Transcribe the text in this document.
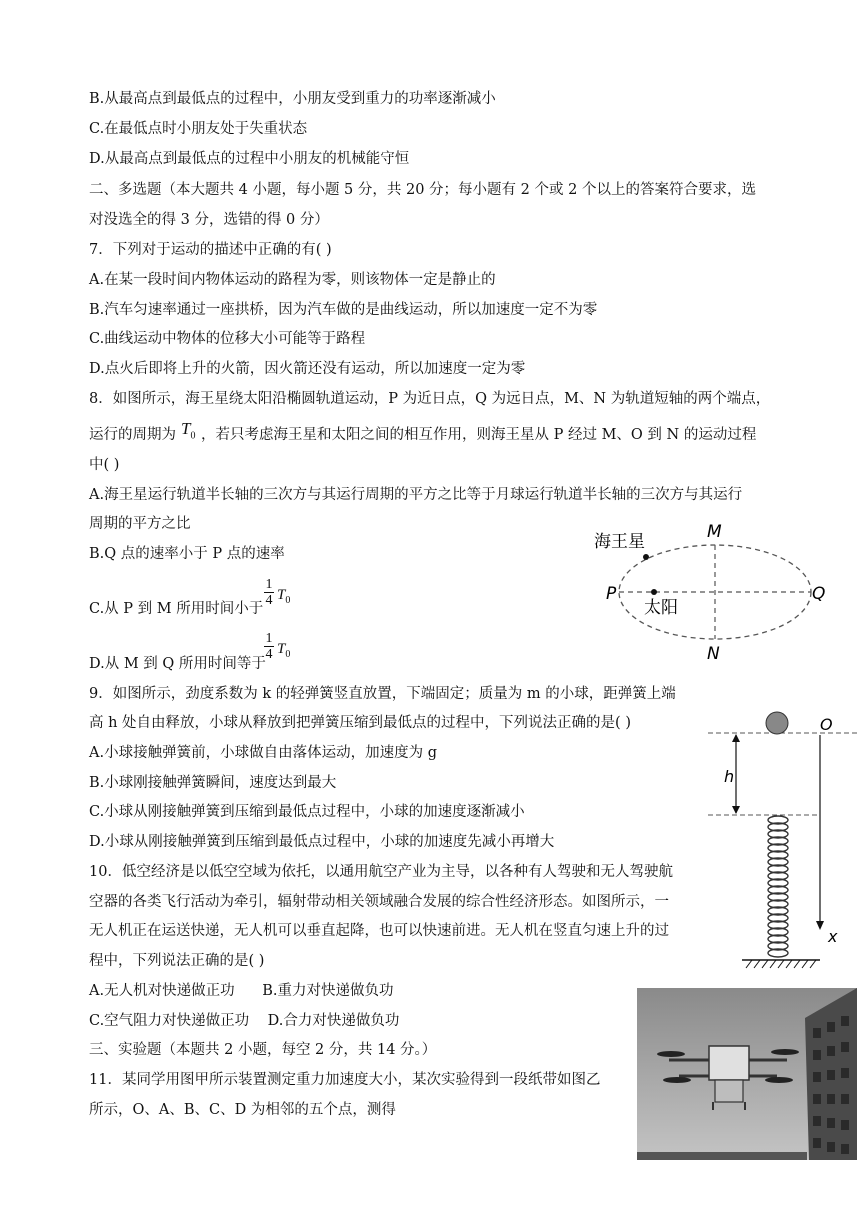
B.从最高点到最低点的过程中，小朋友受到重力的功率逐渐减小
C.在最低点时小朋友处于失重状态
D.从最高点到最低点的过程中小朋友的机械能守恒
二、多选题（本大题共 4 小题，每小题 5 分，共 20 分；每小题有 2 个或 2 个以上的答案符合要求，选
对没选全的得 3 分，选错的得 0 分）
7．下列对于运动的描述中正确的有( )
A.在某一段时间内物体运动的路程为零，则该物体一定是静止的
B.汽车匀速率通过一座拱桥，因为汽车做的是曲线运动，所以加速度一定不为零
C.曲线运动中物体的位移大小可能等于路程
D.点火后即将上升的火箭，因火箭还没有运动，所以加速度一定为零
8．如图所示，海王星绕太阳沿椭圆轨道运动，P 为近日点，Q 为远日点，M、N 为轨道短轴的两个端点，
运行的周期为 $T_0$ ，若只考虑海王星和太阳之间的相互作用，则海王星从 P 经过 M、O 到 N 的运动过程
中( )
A.海王星运行轨道半长轴的三次方与其运行周期的平方之比等于月球运行轨道半长轴的三次方与其运行
周期的平方之比
B.Q 点的速率小于 P 点的速率
C.从 P 到 M 所用时间小于
1
4 $T_0$
D.从 M 到 Q 所用时间等于
1
4 $T_0$
9．如图所示，劲度系数为 k 的轻弹簧竖直放置，下端固定；质量为 m 的小球，距弹簧上端
高 h 处自由释放，小球从释放到把弹簧压缩到最低点的过程中，下列说法正确的是( )
A.小球接触弹簧前，小球做自由落体运动，加速度为 g
B.小球刚接触弹簧瞬间，速度达到最大
C.小球从刚接触弹簧到压缩到最低点过程中，小球的加速度逐渐减小
D.小球从刚接触弹簧到压缩到最低点过程中，小球的加速度先减小再增大
10．低空经济是以低空空域为依托，以通用航空产业为主导，以各种有人驾驶和无人驾驶航
空器的各类飞行活动为牵引，辐射带动相关领域融合发展的综合性经济形态。如图所示，一
无人机正在运送快递，无人机可以垂直起降，也可以快速前进。无人机在竖直匀速上升的过
程中，下列说法正确的是( )
A.无人机对快递做正功      B.重力对快递做负功
C.空气阻力对快递做正功    D.合力对快递做负功
三、实验题（本题共 2 小题，每空 2 分，共 14 分。）
11．某同学用图甲所示装置测定重力加速度大小，某次实验得到一段纸带如图乙
所示，O、A、B、C、D 为相邻的五个点，测得
海王星
太阳
P	Q
M
N
h
O
x
